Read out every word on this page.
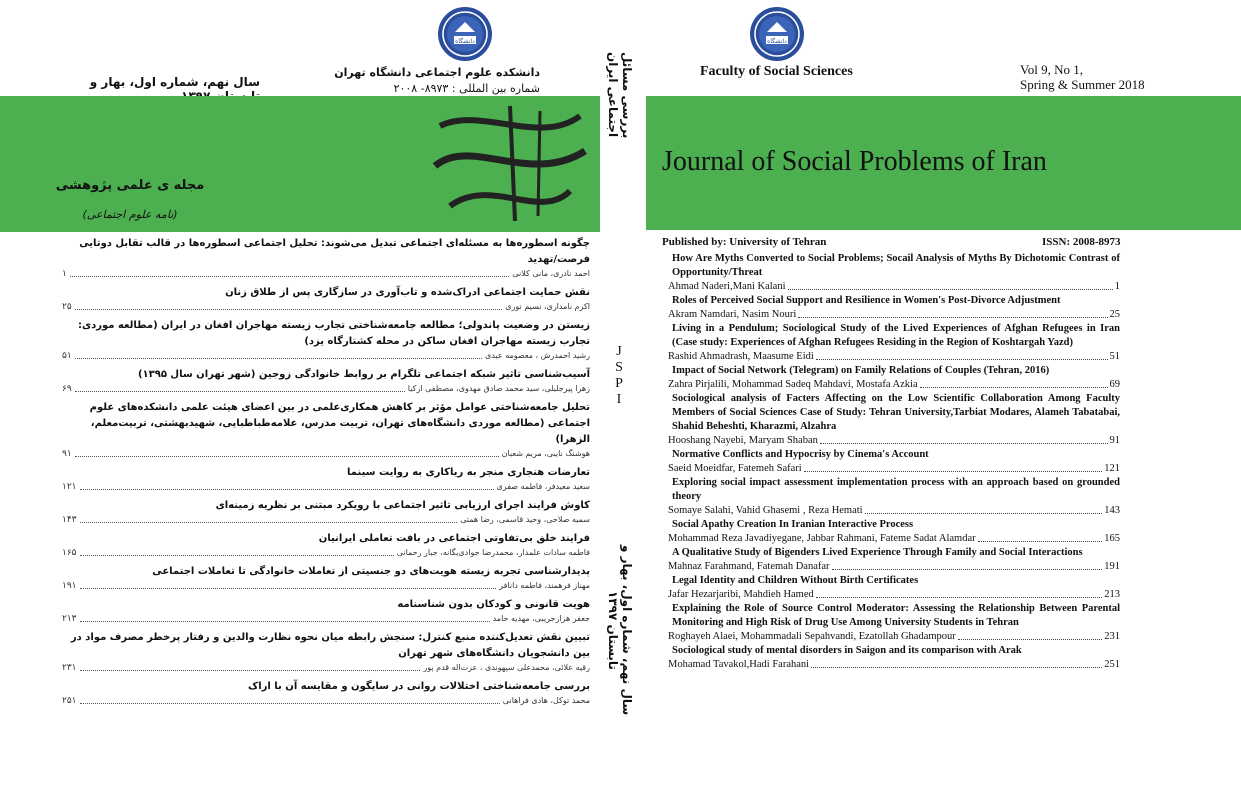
دانشگاه
دانشکده علوم اجتماعی دانشگاه تهران
شماره بین المللی : ۸۹۷۳- ۲۰۰۸
سال نهم، شماره اول، بهار و
بررسی مسائل اجتماعی ایران
مجله ی علمی پژوهشی
(نامه علوم اجتماعی)
چگونه اسطوره‌ها به مسئله‌ای اجتماعی تبدیل می‌شوند: تحلیل اجتماعی اسطوره‌ها در قالب تقابل دوتایی فرصت/تهدید
احمد نادری، مانی کلانی
۱
نقش حمایت اجتماعی ادراک‌شده و تاب‌آوری در سازگاری پس از طلاق زنان
اکرم نامداری، نسیم نوری
۲۵
زیستن در وضعیت پاندولی؛ مطالعه جامعه‌شناختی تجارب زیسته مهاجران افغان در ایران (مطالعه موردی: تجارب زیسته مهاجران افغان ساکن در محله کشتارگاه یزد)
رشید احمدرش ، معصومه عیدی
۵۱
آسیب‌شناسی تاثیر شبکه اجتماعی تلگرام بر روابط خانوادگی زوجین (شهر تهران سال ۱۳۹۵)
زهرا پیرجلیلی، سید محمد صادق مهدوی، مصطفی ازکیا
۶۹
تحلیل جامعه‌شناختی عوامل مؤثر بر کاهش همکاری‌علمی در بین اعضای هیئت علمی دانشکده‌های علوم اجتماعی (مطالعه موردی دانشگاه‌های تهران، تربیت مدرس، علامه‌طباطبایی، شهیدبهشتی، تربیت‌معلم، الزهرا)
هوشنگ نایبی، مریم شعبان
۹۱
تعارضات هنجاری منجر به ریاکاری به روایت سینما
سعید معیدفر، فاطمه صفری
۱۲۱
کاوش فرایند اجرای ارزیابی تاثیر اجتماعی با رویکرد مبتنی بر نظریه زمینه‌ای
سمیه صلاحی، وحید قاسمی، رضا همتی
۱۴۳
فرایند خلق بی‌تفاوتی اجتماعی در بافت تعاملی ایرانیان
فاطمه سادات علمدار، محمدرضا جوادی‌یگانه، جبار رحمانی
۱۶۵
پدیدارشناسی تجربه زیسته هویت‌های دو جنسیتی از تعاملات خانوادگی تا تعاملات اجتماعی
مهناز فرهمند، فاطمه دانافر
۱۹۱
هویت قانونی و کودکان بدون شناسنامه
جعفر هزارجریبی، مهدیه حامد
۲۱۳
تبیین نقش تعدیل‌کننده منبع کنترل: سنجش رابطه میان نحوه نظارت والدین و رفتار پرخطر مصرف مواد در بین دانشجویان دانشگاه‌های شهر تهران
رقیه علائی، محمدعلی سپهوندی ، عزت‌اله قدم پور
۲۳۱
بررسی جامعه‌شناختی اختلالات روانی در سایگون و مقایسه آن با اراک
محمد توکل، هادی فراهانی
۲۵۱
بررسی مسائل اجتماعی ایران
J
S
P
I
سال نهم، شماره اول، بهار و تابستان ۱۳۹۷
دانشگاه
Faculty of Social Sciences	Vol 9, No 1,
Spring & Summer 2018
Journal of Social Problems of Iran
Published by: University of Tehran	ISSN: 2008-8973
How Are Myths Converted to Social Problems; Socail Analysis of Myths By Dichotomic Contrast of Opportunity/Threat
Ahmad Naderi,Mani Kalani	1
Roles of Perceived Social Support and Resilience in Women's Post-Divorce Adjustment
Akram Namdari, Nasim Nouri	25
Living in a Pendulum; Sociological Study of the Lived Experiences of Afghan Refugees in Iran (Case study: Experiences of Afghan Refugees Residing in the Region of Koshtargah Yazd)
Rashid Ahmadrash, Maasume Eidi	51
Impact of Social Network (Telegram) on Family Relations of Couples (Tehran, 2016)
Zahra Pirjalili, Mohammad Sadeq Mahdavi, Mostafa Azkia	69
Sociological analysis of Facters Affecting on the Low Scientific Collaboration Among Faculty Members of Social Sciences Case of Study: Tehran University,Tarbiat Modares, Alameh Tabatabai, Shahid Beheshti, Kharazmi, Alzahra
Hooshang Nayebi, Maryam Shaban	91
Normative Conflicts and Hypocrisy by Cinema's Account
Saeid Moeidfar, Fatemeh Safari	121
Exploring social impact assessment implementation process with an approach based on grounded theory
Somaye Salahi, Vahid Ghasemi , Reza Hemati	143
Social Apathy Creation In Iranian Interactive Process
Mohammad Reza Javadiyegane, Jabbar Rahmani, Fateme Sadat Alamdar	165
A Qualitative Study of Bigenders Lived Experience Through Family and Social Interactions
Mahnaz Farahmand, Fatemah Danafar	191
Legal Identity and Children Without Birth Certificates
Jafar Hezarjaribi, Mahdieh Hamed	213
Explaining the Role of Source Control Moderator: Assessing the Relationship Between Parental Monitoring and High Risk of Drug Use Among University Students in Tehran
Roghayeh Alaei, Mohammadali Sepahvandi, Ezatollah Ghadampour	231
Sociological study of mental disorders in Saigon and its comparison with Arak
Mohamad Tavakol,Hadi Farahani	251
